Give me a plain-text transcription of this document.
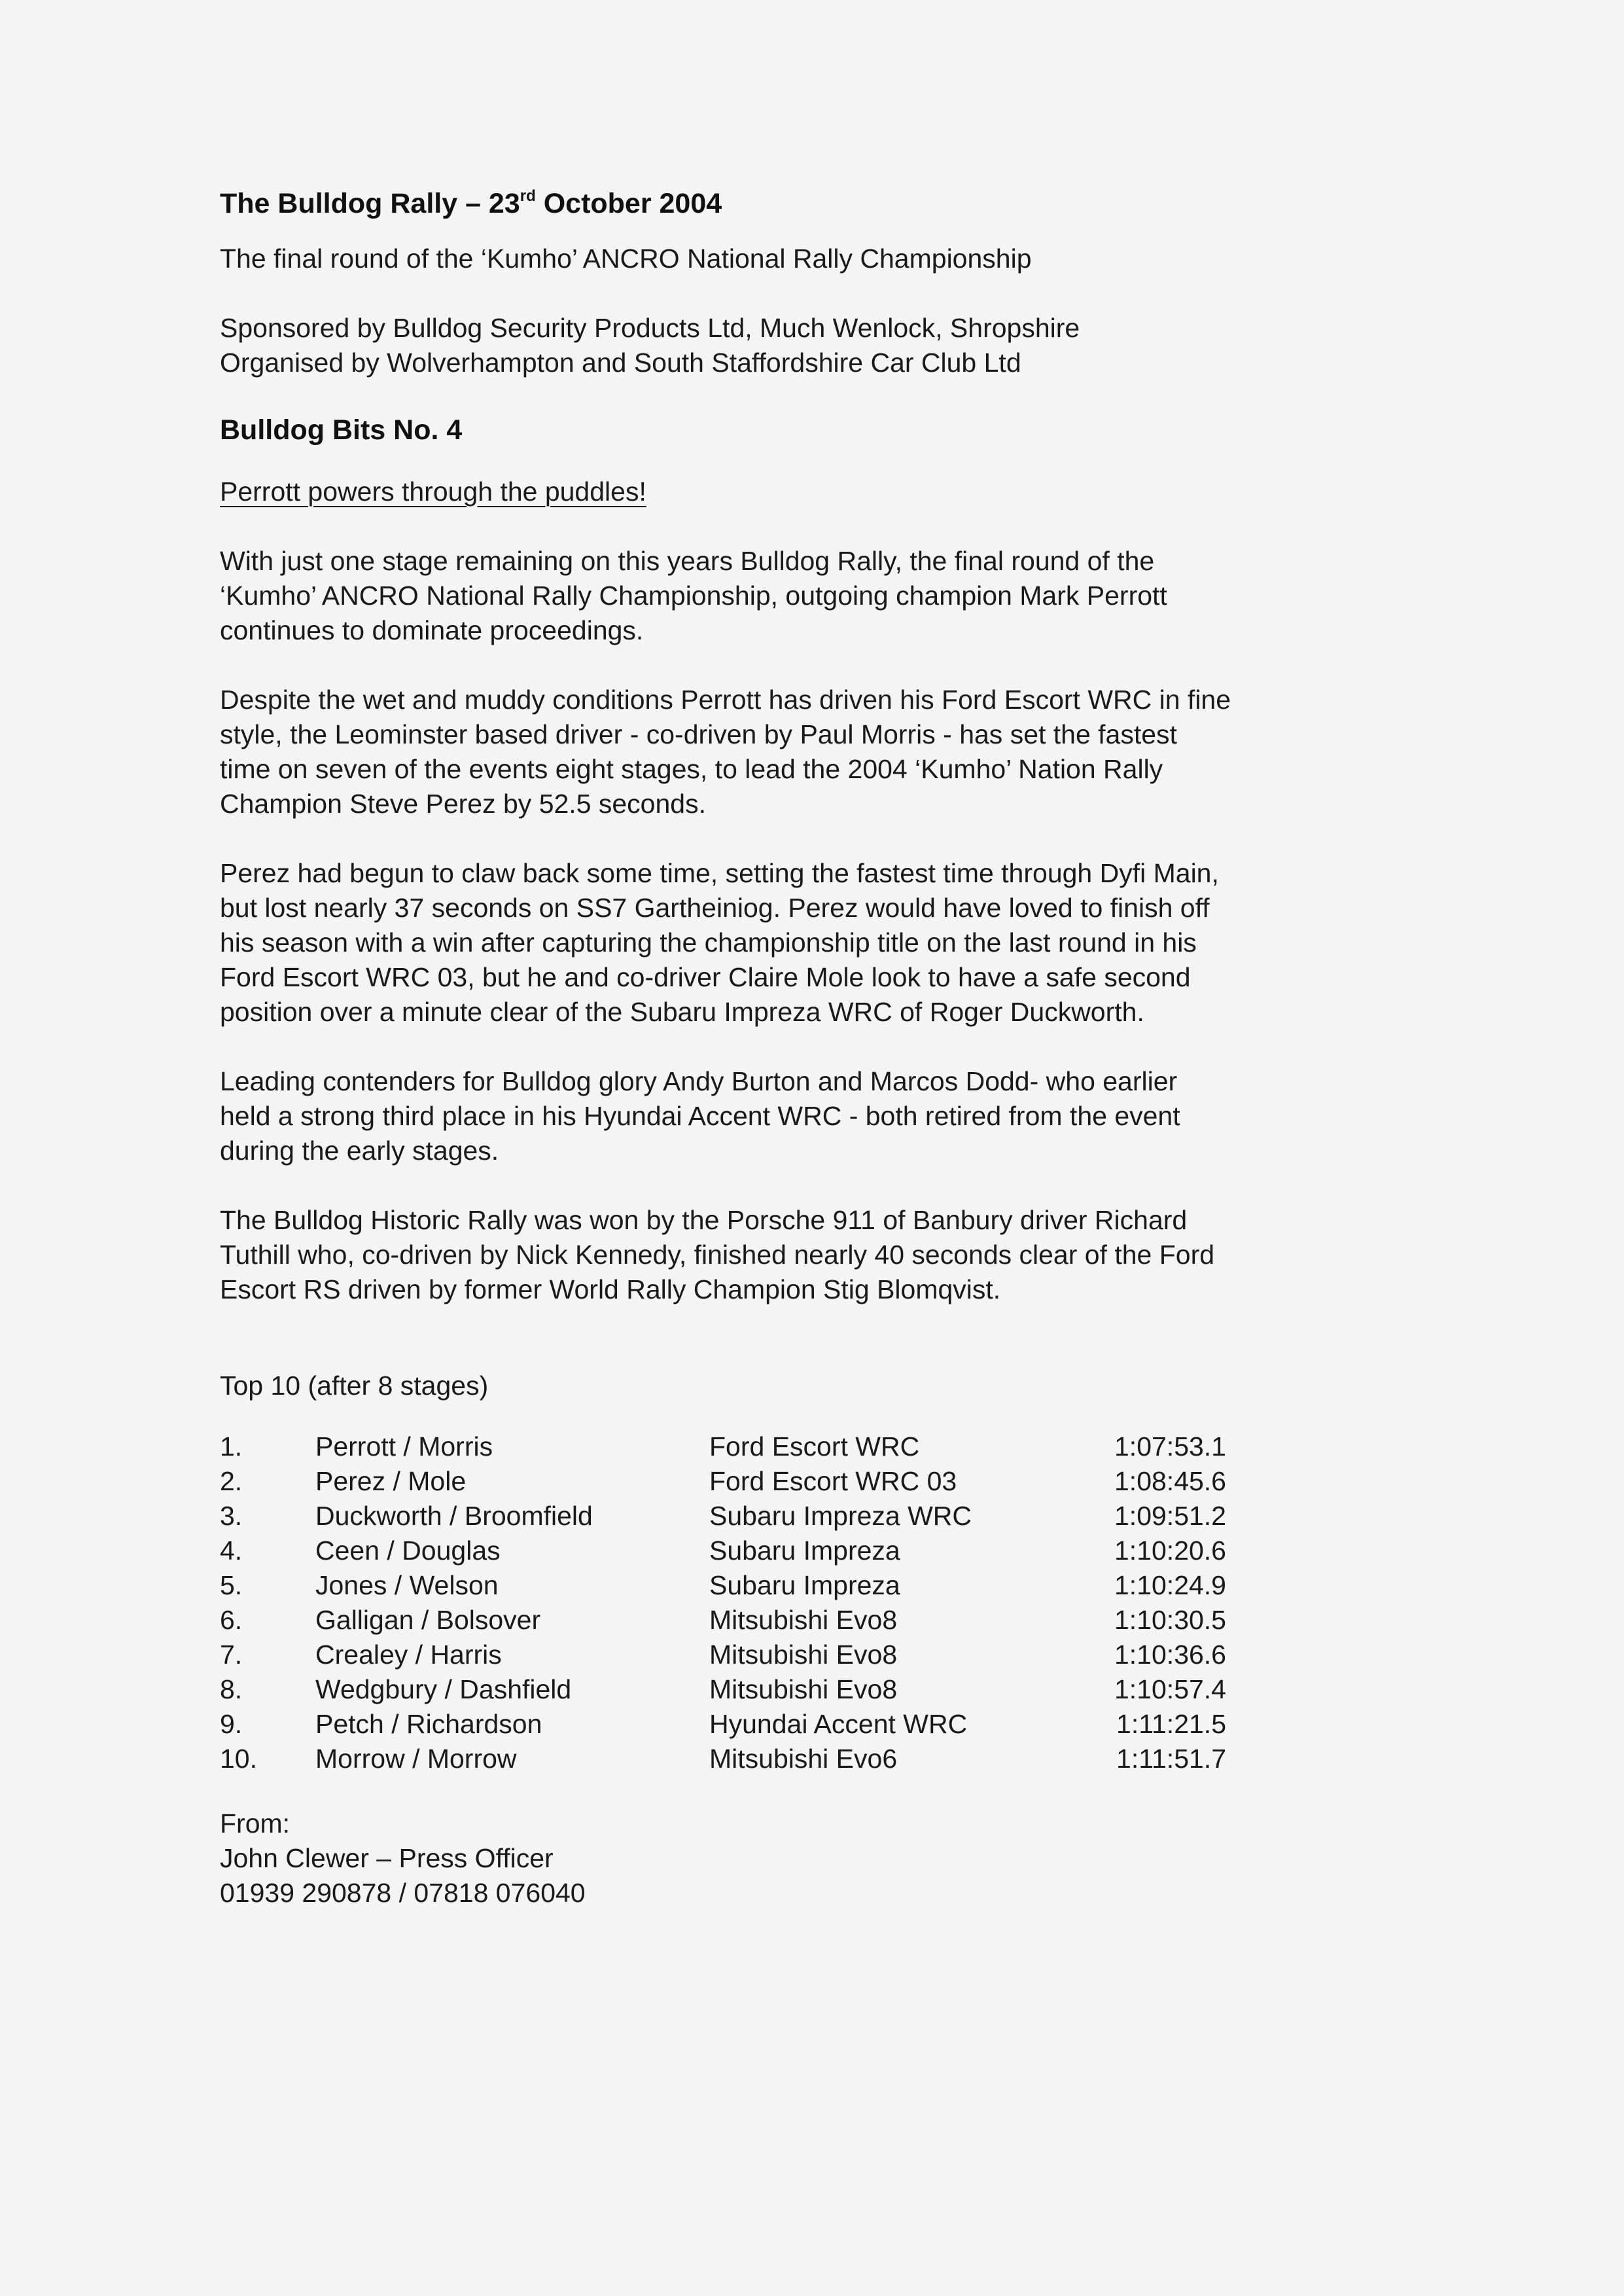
The Bulldog Rally – 23rd October 2004

The final round of the ‘Kumho’ ANCRO National Rally Championship

Sponsored by Bulldog Security Products Ltd, Much Wenlock, Shropshire

Organised by Wolverhampton and South Staffordshire Car Club Ltd

Bulldog Bits No. 4

Perrott powers through the puddles!

With just one stage remaining on this years Bulldog Rally, the final round of the

‘Kumho’ ANCRO National Rally Championship, outgoing champion Mark Perrott

continues to dominate proceedings.

Despite the wet and muddy conditions Perrott has driven his Ford Escort WRC in fine

style, the Leominster based driver - co-driven by Paul Morris - has set the fastest

time on seven of the events eight stages, to lead the 2004 ‘Kumho’ Nation Rally

Champion Steve Perez by 52.5 seconds.

Perez had begun to claw back some time, setting the fastest time through Dyfi Main,

but lost nearly 37 seconds on SS7 Gartheiniog. Perez would have loved to finish off

his season with a win after capturing the championship title on the last round in his

Ford Escort WRC 03, but he and co-driver Claire Mole look to have a safe second

position over a minute clear of the Subaru Impreza WRC of Roger Duckworth.

Leading contenders for Bulldog glory Andy Burton and Marcos Dodd- who earlier

held a strong third place in his Hyundai Accent WRC - both retired from the event

during the early stages.

The Bulldog Historic Rally was won by the Porsche 911 of Banbury driver Richard

Tuthill who, co-driven by Nick Kennedy, finished nearly 40 seconds clear of the Ford

Escort RS driven by former World Rally Champion Stig Blomqvist.

Top 10 (after 8 stages)

1.	Perrott / Morris	Ford Escort WRC	1:07:53.1
2.	Perez / Mole	Ford Escort WRC 03	1:08:45.6
3.	Duckworth / Broomfield	Subaru Impreza WRC	1:09:51.2
4.	Ceen / Douglas	Subaru Impreza	1:10:20.6
5.	Jones / Welson	Subaru Impreza	1:10:24.9
6.	Galligan / Bolsover	Mitsubishi Evo8	1:10:30.5
7.	Crealey / Harris	Mitsubishi Evo8	1:10:36.6
8.	Wedgbury / Dashfield	Mitsubishi Evo8	1:10:57.4
9.	Petch / Richardson	Hyundai Accent WRC	1:11:21.5
10.	Morrow / Morrow	Mitsubishi Evo6	1:11:51.7

From:

John Clewer – Press Officer

01939 290878 / 07818 076040
